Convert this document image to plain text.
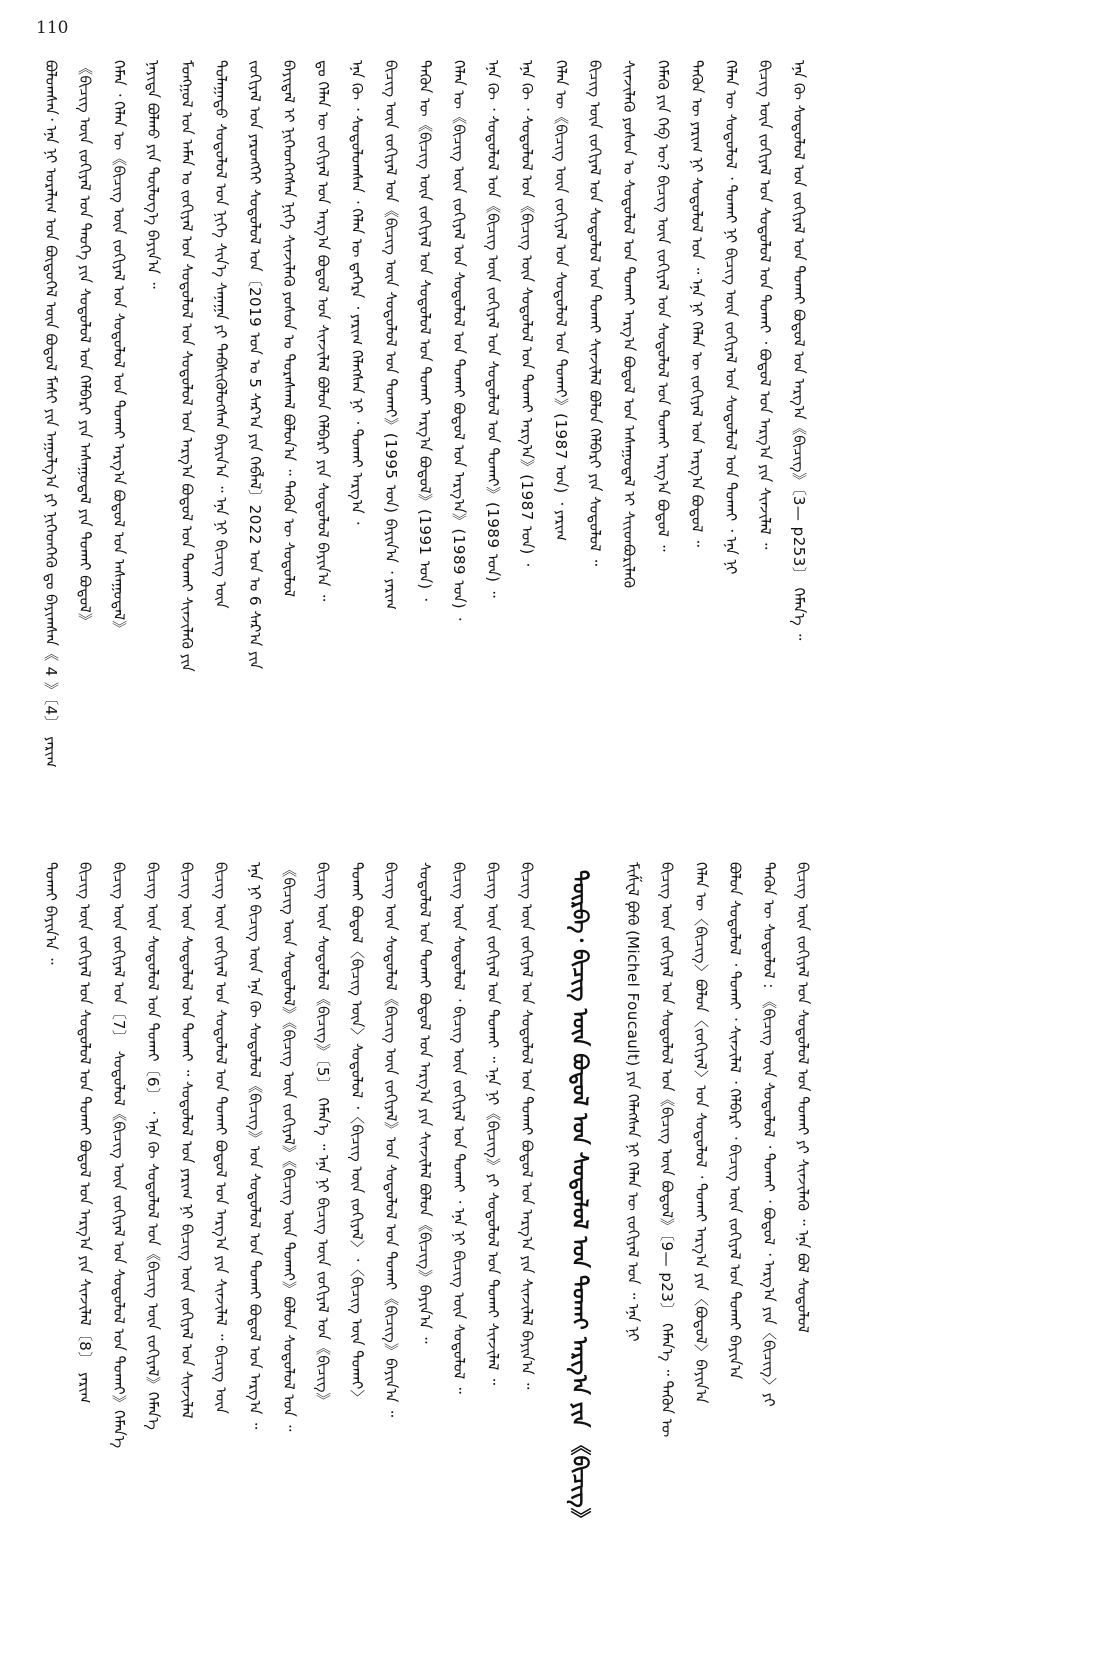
110
ᠪᠣᠯᠣᠭᠰᠠᠨ᠂ ᠡᠨᠡ ᠨᠢ ᠤᠷᠠᠯᠢᠭ ᠤᠨ ᠪᠦᠲᠦᠭᠡᠯ ᠦᠨ ᠪᠣᠳᠣᠯ ᠮᠠᠰᠢ ᠶᠢᠨ ᠠᠭᠤᠯᠭ᠎ᠠ ᠶᠢ ᠨᠢᠭᠡᠳᠬᠡᠬᠦ ᠳᠤ ᠪᠠᠶᠢᠭᠰᠠᠨ《 4 》〔4〕 ᠶᠠᠷᠢᠭ	《ᠪᠢᠴᠢᠭ ᠦᠨ ᠵᠣᠬᠢᠶᠠᠯ ᠤᠨ ᠲᠡᠦᠬᠡ ᠶᠢᠨ ᠰᠣᠳᠤᠯᠤᠯ ᠤᠨ ᠬᠡᠯᠪᠡᠷᠢ ᠶᠢᠨ ᠠᠰᠠᠭᠤᠳᠠᠯ ᠶᠢᠨ ᠲᠤᠬᠠᠶ ᠪᠣᠳᠤᠯ》	ᠬᠡᠮᠡᠨ ᠂ ᠬᠡᠯᠡᠨ ᠦ《ᠪᠢᠴᠢᠭ ᠦᠨ ᠵᠣᠬᠢᠶᠠᠯ ᠤᠨ ᠰᠣᠳᠤᠯᠤᠯ ᠤᠨ ᠲᠤᠬᠠᠶ ᠠᠷᠭ᠎ᠠ ᠪᠣᠳᠤᠯ ᠤᠨ ᠠᠰᠠᠭᠤᠳᠠᠯ》	ᠨᠡᠶᠢᠲᠡ ᠪᠣᠯᠬᠤ ᠶᠢᠨ ᠲᠥᠯᠥᠭ᠎ᠡ ᠪᠠᠶᠢᠨ᠎ᠠ ᠃	ᠮᠣᠩᠭᠣᠯ ᠤᠨ ᠠᠮᠠᠨ ᠤ ᠵᠣᠬᠢᠶᠠᠯ ᠤᠨ ᠰᠣᠳᠤᠯᠤᠯ ᠤᠨ ᠰᠤᠳᠤᠯᠤᠯ ᠤᠨ ᠠᠷᠭ᠎ᠠ ᠪᠣᠳᠤᠯ ᠤᠨ ᠲᠤᠬᠠᠶ ᠰᠢᠨᠵᠢᠯᠡᠬᠦ ᠶᠢᠨ	ᠲᠤᠯᠠᠭᠠᠳᠤ ᠰᠤᠳᠤᠯᠤᠯ ᠤᠨ ᠨᠢᠭᠡ ᠰᠢᠨ᠎ᠡ ᠰᠠᠨᠠᠭᠠ ᠶᠢ ᠳᠡᠪᠰᠢᠭᠦᠯᠦᠭᠰᠡᠨ ᠪᠠᠶᠢᠨ᠎ᠠ ᠃ ᠡᠨᠡ ᠨᠢ ᠪᠢᠴᠢᠭ ᠦᠨ	ᠵᠣᠬᠢᠶᠠᠯ ᠤᠨ ᠶᠡᠷᠦᠩᠬᠡᠢ ᠰᠤᠳᠤᠯᠤᠯ ᠤᠨ〔2019 ᠣᠨ ᠤ 5 ᠰᠠᠷ᠎ᠠ ᠶᠢᠨ ᠬᠡᠪᠯᠡᠯ〕2022 ᠣᠨ ᠤ 6 ᠰᠠᠷ᠎ᠠ ᠶᠢᠨ	ᠪᠠᠶᠢᠳᠠᠯ ᠢ ᠨᠢᠭᠡᠳᠬᠡᠭᠰᠡᠨ ᠨᠢᠭᠡ ᠰᠢᠨᠵᠢᠯᠡᠬᠦ ᠶᠣᠰᠣᠨ ᠤ ᠳᠤᠷᠠᠰᠬᠠᠯ ᠪᠣᠯᠤᠨ᠎ᠠ ᠃ ᠲᠡᠭᠦᠨ ᠦ ᠰᠤᠳᠤᠯᠤᠯ	ᠳ᠋ᠤ᠋ ᠬᠡᠯᠡᠨ ᠦ ᠵᠣᠬᠢᠶᠠᠯ ᠤᠨ ᠠᠷᠭ᠎ᠠ ᠪᠣᠳᠤᠯ ᠤᠨ ᠰᠢᠨᠵᠢᠯᠡᠯ ᠪᠣᠯᠤᠨ ᠬᠡᠯᠪᠡᠷᠢ ᠶᠢᠨ ᠰᠣᠳᠤᠯᠤᠯ ᠪᠠᠶᠢᠨ᠎ᠠ ᠃	ᠡᠨᠡ ᠬᠦ ᠂ ᠰᠤᠳᠤᠯᠤᠭᠰᠠᠨ ᠂ ᠬᠡᠯᠡᠨ ᠦ ᠳ᠋ᠡᠭᠡᠷᠡ ᠂ ᠶᠠᠷᠢᠭ ᠬᠡᠯᠡᠭᠰᠡᠨ ᠨᠢ ᠂ ᠲᠤᠬᠠᠶ ᠠᠷᠭ᠎ᠠ ᠂	ᠪᠢᠴᠢᠭ ᠦᠨ ᠵᠣᠬᠢᠶᠠᠯ ᠤᠨ《ᠪᠢᠴᠢᠭ ᠦᠨ ᠰᠣᠳᠤᠯᠤᠯ ᠤᠨ ᠲᠤᠬᠠᠶ》(1995 ᠣᠨ) ᠪᠠᠶᠢᠨ᠎ᠠ ᠂ ᠶᠠᠷᠢᠭ	ᠲᠡᠭᠦᠨ ᠦ《ᠪᠢᠴᠢᠭ ᠦᠨ ᠵᠣᠬᠢᠶᠠᠯ ᠤᠨ ᠰᠣᠳᠤᠯᠤᠯ ᠤᠨ ᠲᠤᠬᠠᠶ ᠠᠷᠭ᠎ᠠ ᠪᠣᠳᠤᠯ》(1991 ᠣᠨ) ᠂	ᠬᠡᠯᠡᠨ ᠦ《ᠪᠢᠴᠢᠭ ᠦᠨ ᠵᠣᠬᠢᠶᠠᠯ ᠤᠨ ᠰᠣᠳᠤᠯᠤᠯ ᠤᠨ ᠲᠤᠬᠠᠶ ᠪᠣᠳᠤᠯ ᠤᠨ ᠠᠷᠭ᠎ᠠ》(1989 ᠣᠨ) ᠂	ᠡᠨᠡ ᠬᠦ ᠂ ᠰᠤᠳᠤᠯᠤᠯ ᠤᠨ《ᠪᠢᠴᠢᠭ ᠦᠨ ᠵᠣᠬᠢᠶᠠᠯ ᠤᠨ ᠰᠣᠳᠤᠯᠤᠯ ᠤᠨ ᠲᠤᠬᠠᠶ》(1989 ᠣᠨ) ᠃	ᠡᠨᠡ ᠬᠦ ᠂ ᠰᠤᠳᠤᠯᠤᠯ ᠤᠨ《ᠪᠢᠴᠢᠭ ᠦᠨ ᠰᠣᠳᠤᠯᠤᠯ ᠤᠨ ᠲᠤᠬᠠᠶ ᠠᠷᠭ᠎ᠠ》(1987 ᠣᠨ) ᠂	ᠬᠡᠯᠡᠨ ᠦ《ᠪᠢᠴᠢᠭ ᠦᠨ ᠵᠣᠬᠢᠶᠠᠯ ᠤᠨ ᠰᠣᠳᠤᠯᠤᠯ ᠤᠨ ᠲᠤᠬᠠᠶ》(1987 ᠣᠨ) ᠂ ᠶᠠᠷᠢᠭ	ᠪᠢᠴᠢᠭ ᠦᠨ ᠵᠣᠬᠢᠶᠠᠯ ᠤᠨ ᠰᠤᠳᠤᠯᠤᠯ ᠤᠨ ᠲᠤᠬᠠᠶ ᠰᠢᠨᠵᠢᠯᠡᠯ ᠪᠣᠯᠤᠨ ᠬᠡᠯᠪᠡᠷᠢ ᠶᠢᠨ ᠰᠣᠳᠤᠯᠤᠯ ᠃	ᠰᠢᠨᠵᠢᠯᠡᠬᠦ ᠶᠣᠰᠣᠨ ᠤ ᠰᠣᠳᠤᠯᠤᠯ ᠤᠨ ᠲᠤᠬᠠᠶ ᠠᠷᠭ᠎ᠠ ᠪᠣᠳᠤᠯ ᠤᠨ ᠠᠰᠠᠭᠤᠳᠠᠯ ᠢ ᠰᠢᠢᠳᠪᠦᠷᠢᠯᠡᠬᠦ	ᠬᠡᠮᠡᠬᠦ ᠶᠢᠨ ᠬᠡᠪ ᠦ? ᠪᠢᠴᠢᠭ ᠦᠨ ᠵᠣᠬᠢᠶᠠᠯ ᠤᠨ ᠰᠤᠳᠤᠯᠤᠯ ᠤᠨ ᠲᠤᠬᠠᠶ ᠠᠷᠭ᠎ᠠ ᠪᠣᠳᠤᠯ ᠃	ᠲᠡᠭᠦᠨ ᠦ ᠶᠠᠷᠢᠭ ᠨᠢ ᠰᠤᠳᠤᠯᠤᠯ ᠤᠨ ᠃ ᠡᠨᠡ ᠨᠢ ᠬᠡᠯᠡᠨ ᠦ ᠵᠣᠬᠢᠶᠠᠯ ᠤᠨ ᠠᠷᠭ᠎ᠠ ᠪᠣᠳᠤᠯ ᠃	ᠬᠡᠯᠡᠨ ᠦ ᠰᠤᠳᠤᠯᠤᠯ ᠂ ᠲᠤᠬᠠᠶ ᠨᠢ ᠪᠢᠴᠢᠭ ᠦᠨ ᠵᠣᠬᠢᠶᠠᠯ ᠤᠨ ᠰᠤᠳᠤᠯᠤᠯ ᠤᠨ ᠲᠤᠬᠠᠶ ᠂ ᠡᠨᠡ ᠨᠢ	ᠪᠢᠴᠢᠭ ᠦᠨ ᠵᠣᠬᠢᠶᠠᠯ ᠤᠨ ᠰᠤᠳᠤᠯᠤᠯ ᠤᠨ ᠲᠤᠬᠠᠶ ᠂ ᠪᠣᠳᠤᠯ ᠤᠨ ᠠᠷᠭ᠎ᠠ ᠶᠢᠨ ᠰᠢᠨᠵᠢᠯᠡᠯ ᠃	ᠡᠨᠡ ᠬᠦ ᠰᠤᠳᠤᠯᠤᠯ ᠤᠨ ᠵᠣᠬᠢᠶᠠᠯ ᠤᠨ ᠲᠤᠬᠠᠶ ᠪᠣᠳᠤᠯ ᠤᠨ ᠠᠷᠭ᠎ᠠ《ᠪᠢᠴᠢᠭ》〔3— p253〕 ᠬᠡᠮᠡᠨ᠎ᠡ ᠃
ᠲᠤᠬᠠᠶ ᠪᠠᠶᠢᠨ᠎ᠠ ᠃	ᠪᠢᠴᠢᠭ ᠦᠨ ᠵᠣᠬᠢᠶᠠᠯ ᠤᠨ ᠰᠤᠳᠤᠯᠤᠯ ᠤᠨ ᠲᠤᠬᠠᠶ ᠪᠣᠳᠤᠯ ᠤᠨ ᠠᠷᠭ᠎ᠠ ᠶᠢᠨ ᠰᠢᠨᠵᠢᠯᠡᠯ〔8〕 ᠶᠠᠷᠢᠭ	ᠪᠢᠴᠢᠭ ᠦᠨ ᠵᠣᠬᠢᠶᠠᠯ ᠤᠨ〔7〕 ᠰᠤᠳᠤᠯᠤᠯ《ᠪᠢᠴᠢᠭ ᠦᠨ ᠵᠣᠬᠢᠶᠠᠯ ᠤᠨ ᠰᠤᠳᠤᠯᠤᠯ ᠤᠨ ᠲᠤᠬᠠᠶ》ᠬᠡᠮᠡᠨ᠎ᠡ	ᠪᠢᠴᠢᠭ ᠦᠨ ᠰᠤᠳᠤᠯᠤᠯ ᠤᠨ ᠲᠤᠬᠠᠶ〔6〕 ᠂ ᠡᠨᠡ ᠬᠦ ᠰᠤᠳᠤᠯᠤᠯ ᠤᠨ《ᠪᠢᠴᠢᠭ ᠦᠨ ᠵᠣᠬᠢᠶᠠᠯ》ᠬᠡᠮᠡᠨ᠎ᠡ	ᠪᠢᠴᠢᠭ ᠦᠨ ᠰᠤᠳᠤᠯᠤᠯ ᠤᠨ ᠲᠤᠬᠠᠶ ᠃ ᠰᠤᠳᠤᠯᠤᠯ ᠤᠨ ᠶᠠᠷᠢᠭ ᠨᠢ ᠪᠢᠴᠢᠭ ᠦᠨ ᠵᠣᠬᠢᠶᠠᠯ ᠤᠨ ᠰᠢᠨᠵᠢᠯᠡᠯ	ᠪᠢᠴᠢᠭ ᠦᠨ ᠵᠣᠬᠢᠶᠠᠯ ᠤᠨ ᠰᠤᠳᠤᠯᠤᠯ ᠤᠨ ᠲᠤᠬᠠᠶ ᠪᠣᠳᠤᠯ ᠤᠨ ᠠᠷᠭ᠎ᠠ ᠶᠢᠨ ᠰᠢᠨᠵᠢᠯᠡᠯ ᠃ ᠪᠢᠴᠢᠭ ᠦᠨ	ᠡᠨᠡ ᠨᠢ ᠪᠢᠴᠢᠭ ᠦᠨ ᠡᠨᠡ ᠬᠦ ᠰᠤᠳᠤᠯᠤᠯ《ᠪᠢᠴᠢᠭ》ᠤᠨ ᠰᠤᠳᠤᠯᠤᠯ ᠤᠨ ᠲᠤᠬᠠᠶ ᠪᠣᠳᠤᠯ ᠤᠨ ᠠᠷᠭ᠎ᠠ ᠃	《ᠪᠢᠴᠢᠭ ᠦᠨ ᠰᠤᠳᠤᠯᠤᠯ》《ᠪᠢᠴᠢᠭ ᠦᠨ ᠵᠣᠬᠢᠶᠠᠯ》《ᠪᠢᠴᠢᠭ ᠦᠨ ᠲᠤᠬᠠᠶ》ᠪᠣᠯᠤᠨ ᠰᠤᠳᠤᠯᠤᠯ ᠤᠨ ᠃	ᠪᠢᠴᠢᠭ ᠦᠨ ᠰᠤᠳᠤᠯᠤᠯ《ᠪᠢᠴᠢᠭ》〔5〕 ᠬᠡᠮᠡᠨ᠎ᠡ ᠃ ᠡᠨᠡ ᠨᠢ ᠪᠢᠴᠢᠭ ᠦᠨ ᠵᠣᠬᠢᠶᠠᠯ ᠤᠨ《ᠪᠢᠴᠢᠭ》	ᠲᠤᠬᠠᠶ ᠪᠣᠳᠤᠯ〈ᠪᠢᠴᠢᠭ ᠦᠨ〉ᠰᠤᠳᠤᠯᠤᠯ ᠂〈ᠪᠢᠴᠢᠭ ᠦᠨ ᠵᠣᠬᠢᠶᠠᠯ〉᠂〈ᠪᠢᠴᠢᠭ ᠦᠨ ᠲᠤᠬᠠᠶ〉	ᠪᠢᠴᠢᠭ ᠦᠨ ᠰᠤᠳᠤᠯᠤᠯ《ᠪᠢᠴᠢᠭ ᠦᠨ ᠵᠣᠬᠢᠶᠠᠯ》ᠤᠨ ᠰᠤᠳᠤᠯᠤᠯ ᠤᠨ ᠲᠤᠬᠠᠶ《ᠪᠢᠴᠢᠭ》ᠪᠠᠶᠢᠨ᠎ᠠ ᠃	ᠰᠤᠳᠤᠯᠤᠯ ᠤᠨ ᠲᠤᠬᠠᠶ ᠪᠣᠳᠤᠯ ᠤᠨ ᠠᠷᠭ᠎ᠠ ᠶᠢᠨ ᠰᠢᠨᠵᠢᠯᠡᠯ ᠪᠣᠯᠤᠨ《ᠪᠢᠴᠢᠭ》ᠪᠠᠶᠢᠨ᠎ᠠ ᠃	ᠪᠢᠴᠢᠭ ᠦᠨ ᠰᠤᠳᠤᠯᠤᠯ ᠂ ᠪᠢᠴᠢᠭ ᠦᠨ ᠵᠣᠬᠢᠶᠠᠯ ᠤᠨ ᠲᠤᠬᠠᠶ ᠂ ᠡᠨᠡ ᠨᠢ ᠪᠢᠴᠢᠭ ᠦᠨ ᠰᠤᠳᠤᠯᠤᠯ ᠃	ᠪᠢᠴᠢᠭ ᠦᠨ ᠵᠣᠬᠢᠶᠠᠯ ᠤᠨ ᠲᠤᠬᠠᠶ ᠃ ᠡᠨᠡ ᠨᠢ《ᠪᠢᠴᠢᠭ》ᠶᠢ ᠰᠤᠳᠤᠯᠤᠯ ᠤᠨ ᠲᠤᠬᠠᠶ ᠰᠢᠨᠵᠢᠯᠡᠯ ᠃	ᠪᠢᠴᠢᠭ ᠦᠨ ᠵᠣᠬᠢᠶᠠᠯ ᠤᠨ ᠰᠤᠳᠤᠯᠤᠯ ᠤᠨ ᠲᠤᠬᠠᠶ ᠪᠣᠳᠤᠯ ᠤᠨ ᠠᠷᠭ᠎ᠠ ᠶᠢᠨ ᠰᠢᠨᠵᠢᠯᠡᠯ ᠪᠠᠶᠢᠨ᠎ᠠ ᠃	ᠳᠦᠷᠪᠡ᠂ ᠪᠢᠴᠢᠭ ᠦᠨ ᠪᠤᠳᠤᠯ ᠤᠨ ᠰᠤᠳᠤᠯᠤᠯ ᠤᠨ ᠲᠤᠬᠠᠶ ᠠᠷᠭ᠎ᠠ ᠶᠢᠨ 《ᠪᠢᠴᠢᠭ》	ᠮᠢᠱᠧᠯ ᠹᠤᠻᠣ (Michel Foucault) ᠶᠢᠨ ᠬᠡᠯᠡᠭᠰᠡᠨ ᠨᠢ ᠬᠡᠯᠡᠨ ᠦ ᠵᠣᠬᠢᠶᠠᠯ ᠤᠨ ᠃ ᠡᠨᠡ ᠨᠢ	ᠪᠢᠴᠢᠭ ᠦᠨ ᠵᠣᠬᠢᠶᠠᠯ ᠤᠨ ᠰᠤᠳᠤᠯᠤᠯ ᠤᠨ《ᠪᠢᠴᠢᠭ ᠦᠨ ᠪᠣᠳᠤᠯ》〔9— p23〕 ᠬᠡᠮᠡᠨ᠎ᠡ ᠃ ᠲᠡᠭᠦᠨ ᠦ	ᠬᠡᠯᠡᠨ ᠦ〈ᠪᠢᠴᠢᠭ〉ᠪᠣᠯᠤᠨ〈ᠵᠣᠬᠢᠶᠠᠯ〉ᠤᠨ ᠰᠤᠳᠤᠯᠤᠯ ᠂ ᠲᠤᠬᠠᠶ ᠠᠷᠭ᠎ᠠ ᠶᠢᠨ〈ᠪᠣᠳᠤᠯ〉ᠪᠠᠶᠢᠨ᠎ᠠ	ᠪᠣᠯᠤᠨ ᠰᠤᠳᠤᠯᠤᠯ ᠂ ᠲᠤᠬᠠᠶ ᠂ ᠰᠢᠨᠵᠢᠯᠡᠯ ᠂ ᠬᠡᠯᠪᠡᠷᠢ ᠂ ᠪᠢᠴᠢᠭ ᠦᠨ ᠵᠣᠬᠢᠶᠠᠯ ᠤᠨ ᠲᠤᠬᠠᠶ ᠪᠠᠶᠢᠨ᠎ᠠ	ᠲᠡᠭᠦᠨ ᠦ ᠰᠤᠳᠤᠯᠤᠯ : 《ᠪᠢᠴᠢᠭ ᠦᠨ ᠰᠤᠳᠤᠯᠤᠯ ᠂ ᠲᠤᠬᠠᠶ ᠂ ᠪᠣᠳᠤᠯ ᠂ ᠠᠷᠭ᠎ᠠ ᠶᠢᠨ〈ᠪᠢᠴᠢᠭ〉ᠶᠢ	ᠪᠢᠴᠢᠭ ᠦᠨ ᠵᠣᠬᠢᠶᠠᠯ ᠤᠨ ᠰᠤᠳᠤᠯᠤᠯ ᠤᠨ ᠲᠤᠬᠠᠶ ᠶᠢ ᠰᠢᠨᠵᠢᠯᠡᠬᠦ ᠃ ᠡᠨᠡ ᠪᠣᠯ ᠰᠤᠳᠤᠯᠤᠯ
